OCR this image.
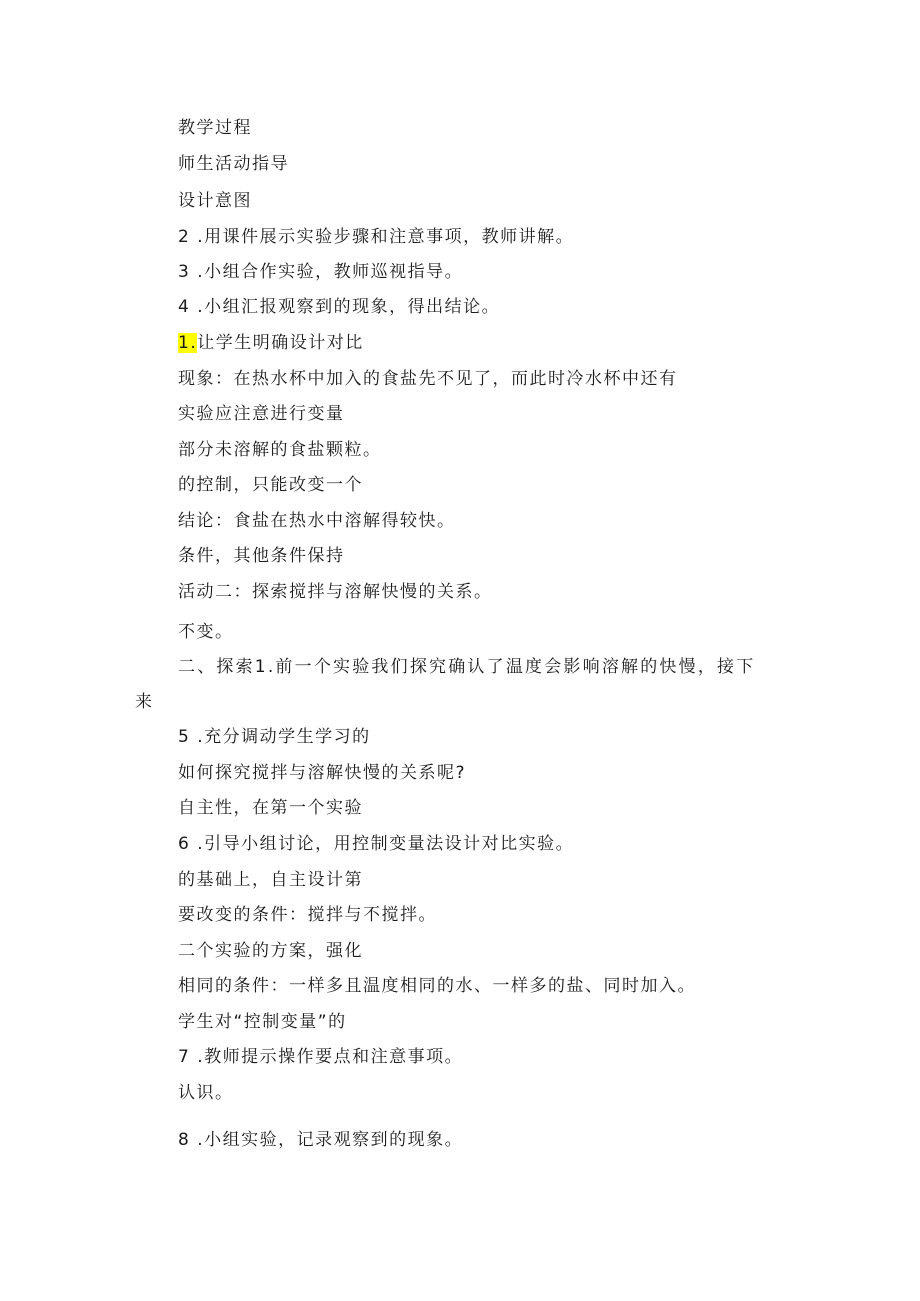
教学过程
师生活动指导
设计意图
2 .用课件展示实验步骤和注意事项，教师讲解。
3 .小组合作实验，教师巡视指导。
4 .小组汇报观察到的现象，得出结论。
1.让学生明确设计对比
现象：在热水杯中加入的食盐先不见了，而此时冷水杯中还有
实验应注意进行变量
部分未溶解的食盐颗粒。
的控制，只能改变一个
结论：食盐在热水中溶解得较快。
条件，其他条件保持
活动二：探索搅拌与溶解快慢的关系。
不变。
二、探索1.前一个实验我们探究确认了温度会影响溶解的快慢，接下
来
5 .充分调动学生学习的
如何探究搅拌与溶解快慢的关系呢?
自主性，在第一个实验
6 .引导小组讨论，用控制变量法设计对比实验。
的基础上，自主设计第
要改变的条件：搅拌与不搅拌。
二个实验的方案，强化
相同的条件：一样多且温度相同的水、一样多的盐、同时加入。
学生对“控制变量”的
7 .教师提示操作要点和注意事项。
认识。
8 .小组实验，记录观察到的现象。
